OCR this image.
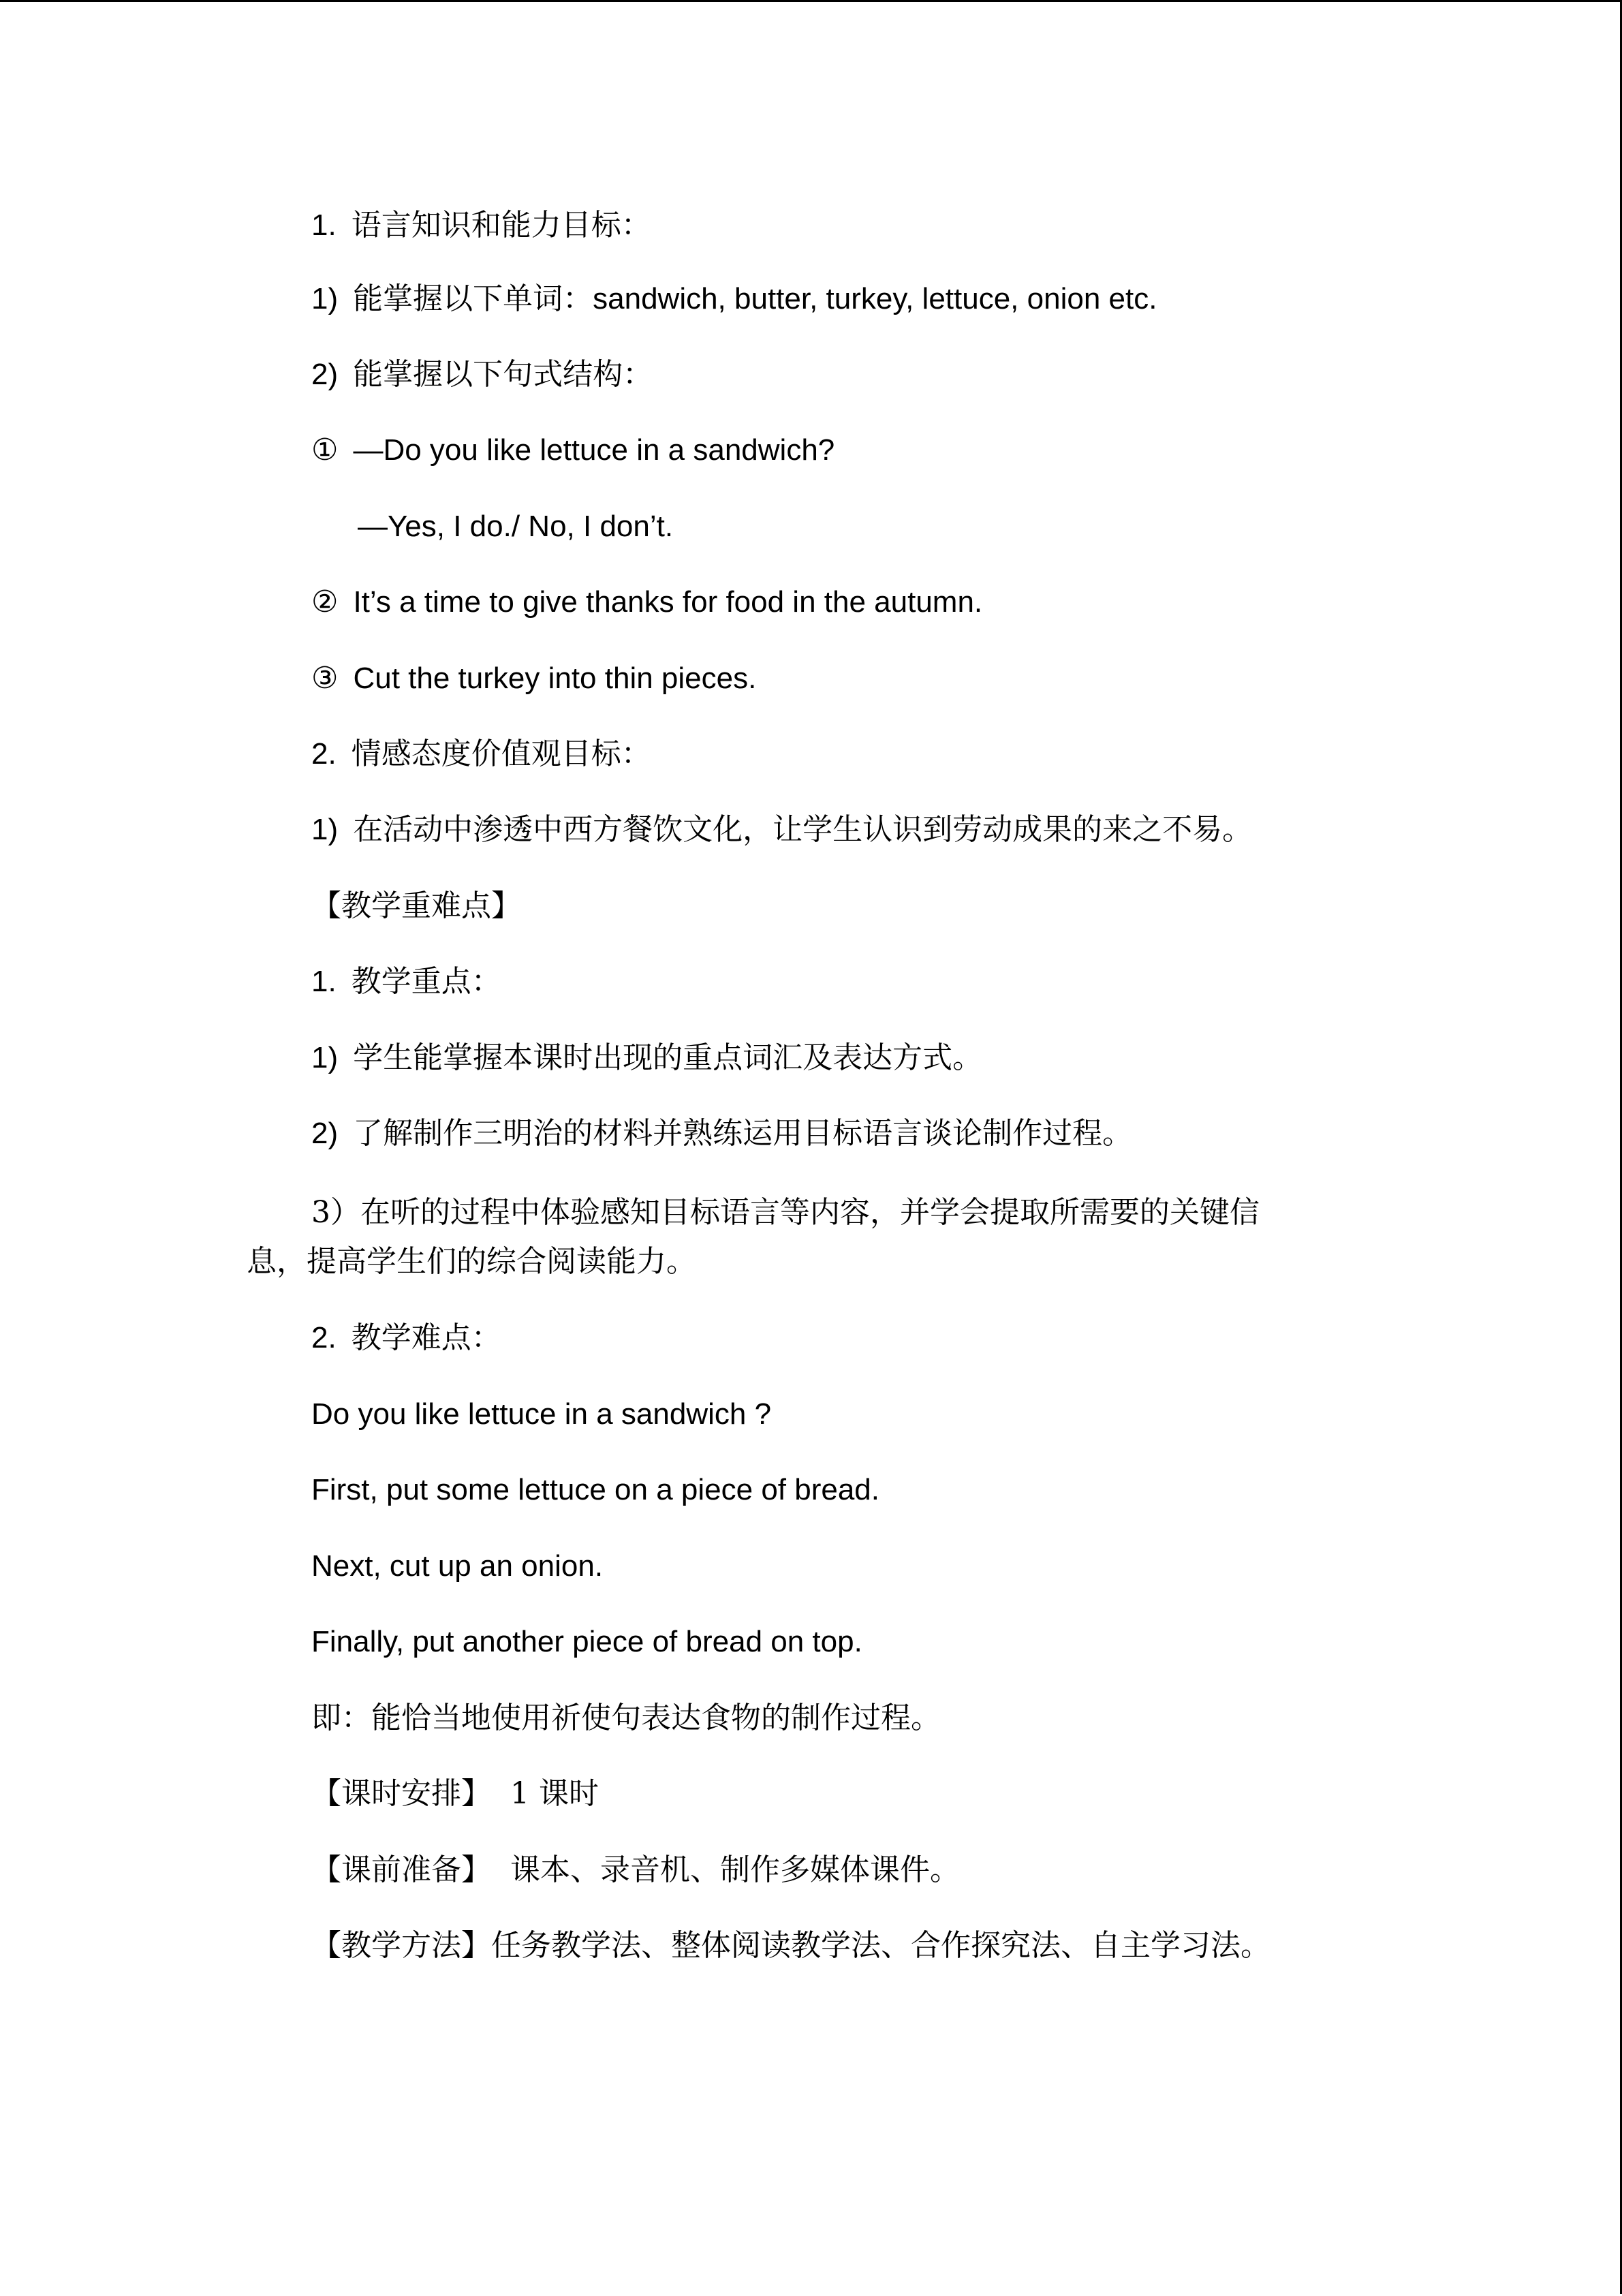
1. 语言知识和能力目标：
1) 能掌握以下单词：sandwich, butter, turkey, lettuce, onion etc.
2) 能掌握以下句式结构：
① —Do you like lettuce in a sandwich?
—Yes, I do./ No, I don’t.
② It’s a time to give thanks for food in the autumn.
③ Cut the turkey into thin pieces.
2. 情感态度价值观目标：
1) 在活动中渗透中西方餐饮文化，让学生认识到劳动成果的来之不易。
【教学重难点】
1. 教学重点：
1) 学生能掌握本课时出现的重点词汇及表达方式。
2) 了解制作三明治的材料并熟练运用目标语言谈论制作过程。
3）在听的过程中体验感知目标语言等内容，并学会提取所需要的关键信
息，提高学生们的综合阅读能力。
2. 教学难点：
Do you like lettuce in a sandwich ?
First, put some lettuce on a piece of bread.
Next, cut up an onion.
Finally, put another piece of bread on top.
即：能恰当地使用祈使句表达食物的制作过程。
【课时安排】 1 课时
【课前准备】 课本、录音机、制作多媒体课件。
【教学方法】任务教学法、整体阅读教学法、合作探究法、自主学习法。
